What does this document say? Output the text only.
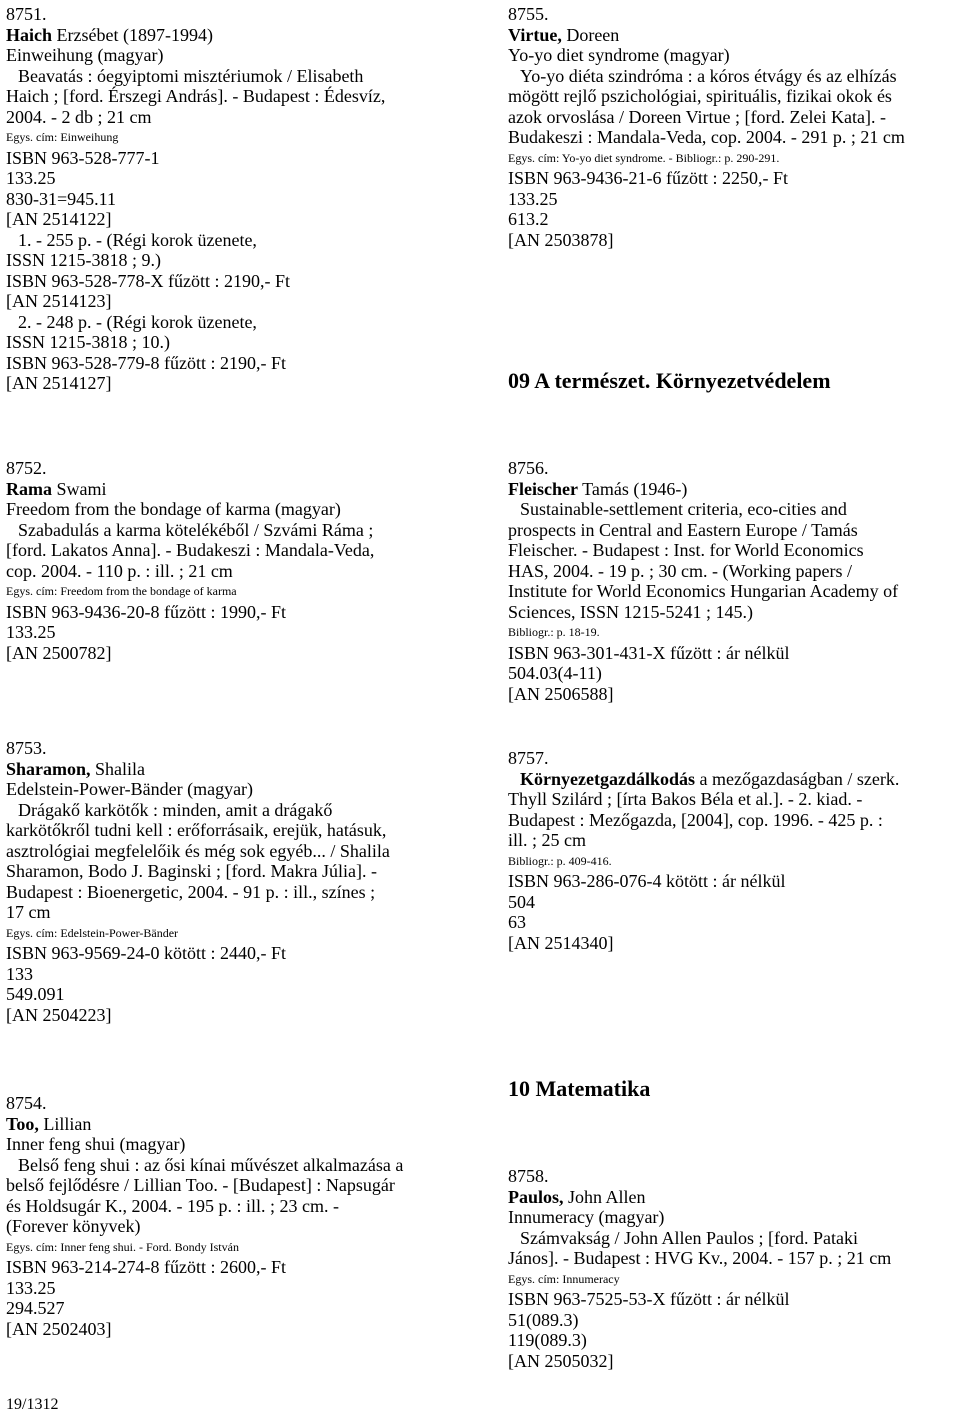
8751.
Haich Erzsébet (1897-1994)
Einweihung (magyar)
Beavatás : óegyiptomi misztériumok / Elisabeth
Haich ; [ford. Érszegi András]. - Budapest : Édesvíz,
2004. - 2 db ; 21 cm
Egys. cím: Einweihung
ISBN 963-528-777-1
133.25
830-31=945.11
[AN 2514122]
1. - 255 p. - (Régi korok üzenete,
ISSN 1215-3818 ; 9.)
ISBN 963-528-778-X fűzött : 2190,- Ft
[AN 2514123]
2. - 248 p. - (Régi korok üzenete,
ISSN 1215-3818 ; 10.)
ISBN 963-528-779-8 fűzött : 2190,- Ft
[AN 2514127]
8752.
Rama Swami
Freedom from the bondage of karma (magyar)
Szabadulás a karma kötelékéből / Szvámi Ráma ;
[ford. Lakatos Anna]. - Budakeszi : Mandala-Veda,
cop. 2004. - 110 p. : ill. ; 21 cm
Egys. cím: Freedom from the bondage of karma
ISBN 963-9436-20-8 fűzött : 1990,- Ft
133.25
[AN 2500782]
8753.
Sharamon, Shalila
Edelstein-Power-Bänder (magyar)
Drágakő karkötők : minden, amit a drágakő
karkötőkről tudni kell : erőforrásaik, erejük, hatásuk,
asztrológiai megfelelőik és még sok egyéb... / Shalila
Sharamon, Bodo J. Baginski ; [ford. Makra Júlia]. -
Budapest : Bioenergetic, 2004. - 91 p. : ill., színes ;
17 cm
Egys. cím: Edelstein-Power-Bänder
ISBN 963-9569-24-0 kötött : 2440,- Ft
133
549.091
[AN 2504223]
8754.
Too, Lillian
Inner feng shui (magyar)
Belső feng shui : az ősi kínai művészet alkalmazása a
belső fejlődésre / Lillian Too. - [Budapest] : Napsugár
és Holdsugár K., 2004. - 195 p. : ill. ; 23 cm. -
(Forever könyvek)
Egys. cím: Inner feng shui. - Ford. Bondy István
ISBN 963-214-274-8 fűzött : 2600,- Ft
133.25
294.527
[AN 2502403]
8755.
Virtue, Doreen
Yo-yo diet syndrome (magyar)
Yo-yo diéta szindróma : a kóros étvágy és az elhízás
mögött rejlő pszichológiai, spirituális, fizikai okok és
azok orvoslása / Doreen Virtue ; [ford. Zelei Kata]. -
Budakeszi : Mandala-Veda, cop. 2004. - 291 p. ; 21 cm
Egys. cím: Yo-yo diet syndrome. - Bibliogr.: p. 290-291.
ISBN 963-9436-21-6 fűzött : 2250,- Ft
133.25
613.2
[AN 2503878]
09 A természet. Környezetvédelem
8756.
Fleischer Tamás (1946-)
Sustainable-settlement criteria, eco-cities and
prospects in Central and Eastern Europe / Tamás
Fleischer. - Budapest : Inst. for World Economics
HAS, 2004. - 19 p. ; 30 cm. - (Working papers /
Institute for World Economics Hungarian Academy of
Sciences, ISSN 1215-5241 ; 145.)
Bibliogr.: p. 18-19.
ISBN 963-301-431-X fűzött : ár nélkül
504.03(4-11)
[AN 2506588]
8757.
Környezetgazdálkodás a mezőgazdaságban / szerk.
Thyll Szilárd ; [írta Bakos Béla et al.]. - 2. kiad. -
Budapest : Mezőgazda, [2004], cop. 1996. - 425 p. :
ill. ; 25 cm
Bibliogr.: p. 409-416.
ISBN 963-286-076-4 kötött : ár nélkül
504
63
[AN 2514340]
10 Matematika
8758.
Paulos, John Allen
Innumeracy (magyar)
Számvakság / John Allen Paulos ; [ford. Pataki
János]. - Budapest : HVG Kv., 2004. - 157 p. ; 21 cm
Egys. cím: Innumeracy
ISBN 963-7525-53-X fűzött : ár nélkül
51(089.3)
119(089.3)
[AN 2505032]
19/1312
